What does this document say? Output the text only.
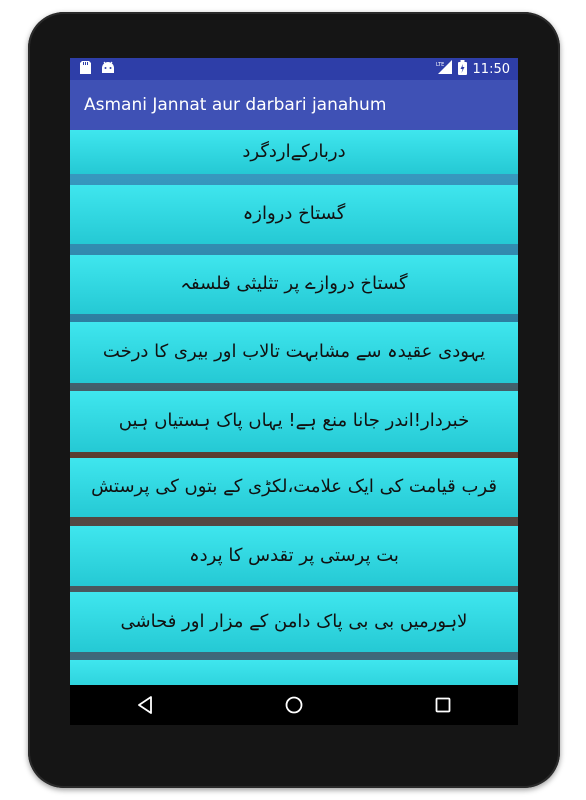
LTE 11:50
Asmani Jannat aur darbari janahum
دربارکےاردگرد
گستاخ دروازہ
گستاخ دروازے پر تثلیثی فلسفہ
یہودی عقیدہ سے مشابہت تالاب اور بیری کا درخت
خبردار!اندر جانا منع ہے! یہاں پاک ہستیاں ہیں
قرب قیامت کی ایک علامت،لکڑی کے بتوں کی پرستش
بت پرستی پر تقدس کا پردہ
لاہورمیں بی بی پاک دامن کے مزار اور فحاشی
